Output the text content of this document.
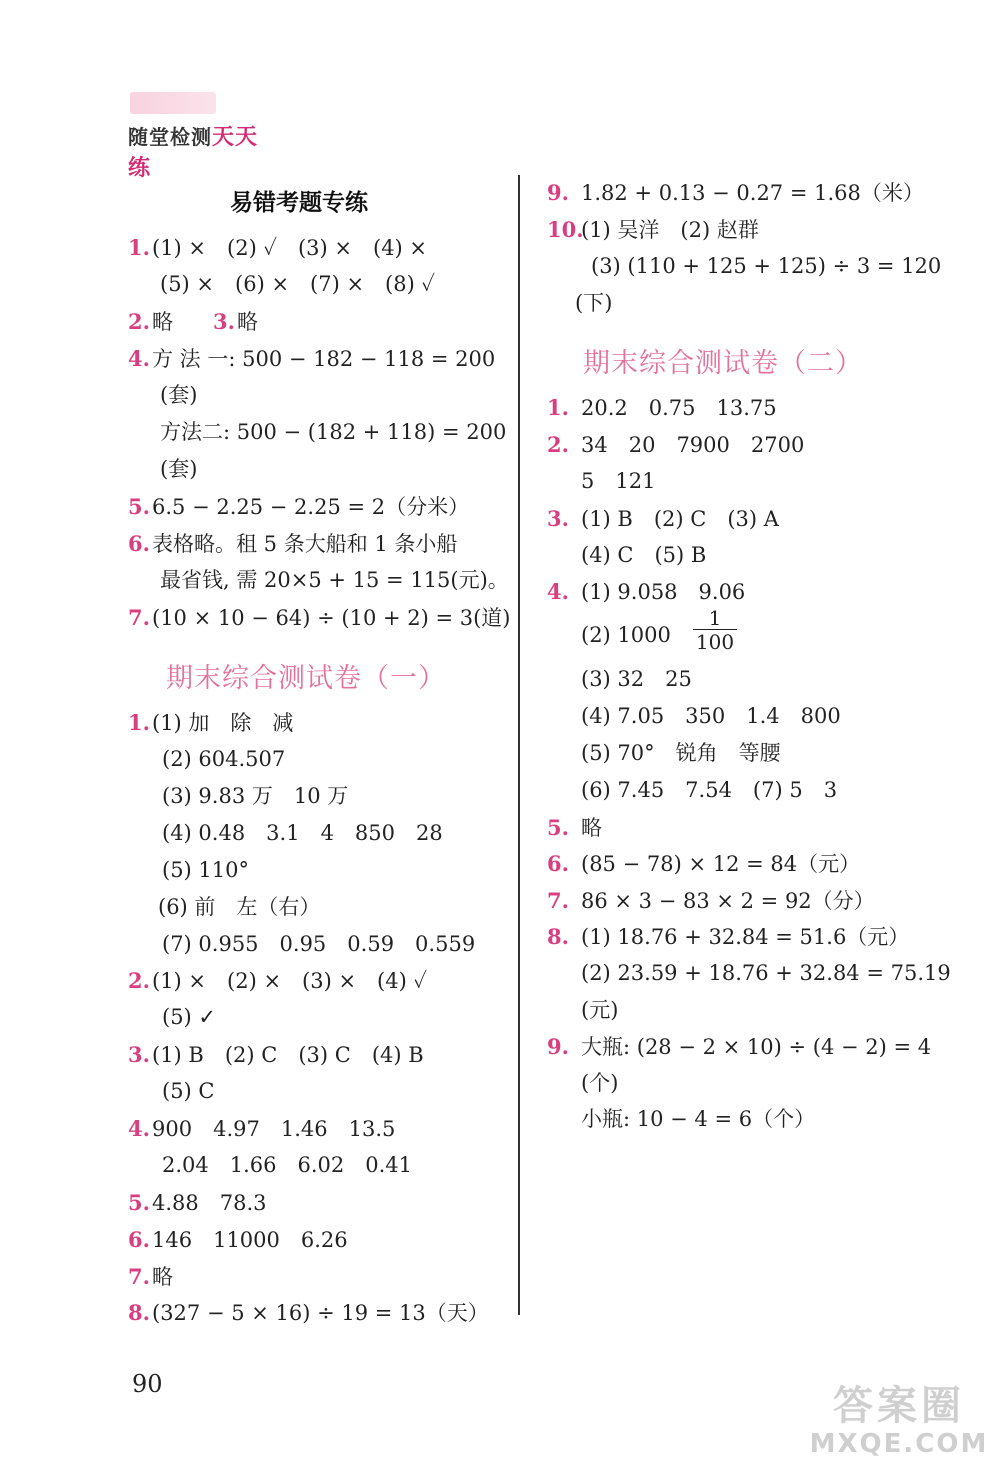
随堂检测天天练
易错考题专练
1.(1) ×　(2) ✓　(3) ×　(4) ×
(5) ×　(6) ×　(7) ×　(8) ✓
2.略 3.略
4.方 法 一: 500 − 182 − 118 = 200
(套)
方法二: 500 − (182 + 118) = 200
(套)
5.6.5 − 2.25 − 2.25 = 2（分米）
6.表格略。租 5 条大船和 1 条小船
最省钱, 需 20×5 + 15 = 115(元)。
7.(10 × 10 − 64) ÷ (10 + 2) = 3(道)
期末综合测试卷（一）
1.(1) 加　除　减
(2) 604.507
(3) 9.83 万　10 万
(4) 0.48　3.1　4　850　28
(5) 110°
(6) 前　左（右）
(7) 0.955　0.95　0.59　0.559
2.(1) ×　(2) ×　(3) ×　(4) ✓
(5) ✓
3.(1) B　(2) C　(3) C　(4) B
(5) C
4.900　4.97　1.46　13.5
2.04　1.66　6.02　0.41
5.4.88　78.3
6.146　11000　6.26
7.略
8.(327 − 5 × 16) ÷ 19 = 13（天）
9. 1.82 + 0.13 − 0.27 = 1.68（米）
10.(1) 吴洋　(2) 赵群
(3) (110 + 125 + 125) ÷ 3 = 120
(下)
期末综合测试卷（二）
1. 20.2　0.75　13.75
2. 34　20　7900　2700
5　121
3. (1) B　(2) C　(3) A
(4) C　(5) B
4. (1) 9.058　9.06
(2) $1000 \frac{1}{100}$
(3) 32　25
(4) 7.05　350　1.4　800
(5) 70°　锐角　等腰
(6) 7.45　7.54　(7) 5　3
5. 略
6. (85 − 78) × 12 = 84（元）
7. 86 × 3 − 83 × 2 = 92（分）
8. (1) 18.76 + 32.84 = 51.6（元）
(2) 23.59 + 18.76 + 32.84 = 75.19
(元)
9. 大瓶: (28 − 2 × 10) ÷ (4 − 2) = 4
(个)
小瓶: 10 − 4 = 6（个）
90	答案圈
MXQE.COM
